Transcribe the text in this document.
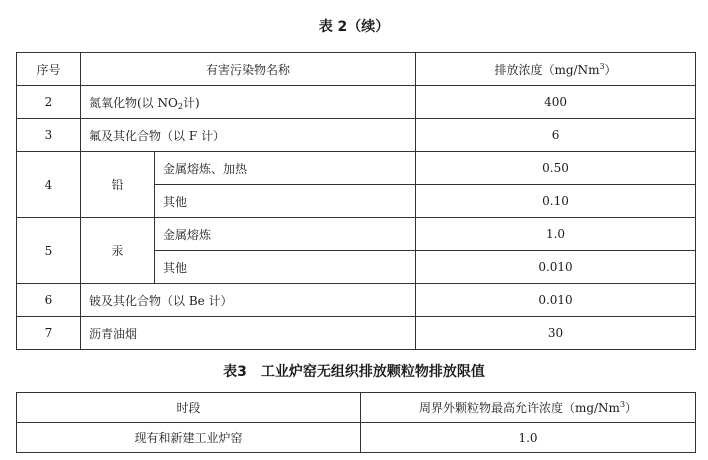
表 2（续）
序号	有害污染物名称		排放浓度（mg/Nm$^3$）
2	氮氧化物(以 $NO_2$计)		400
3	氟及其化合物（以 F 计）		6
4	铅	金属熔炼、加热	0.50
		其他	0.10
5	汞	金属熔炼	1.0
		其他	0.010
6	铍及其化合物（以 Be 计）		0.010
7	沥青油烟		30
表3　工业炉窑无组织排放颗粒物排放限值
时段	周界外颗粒物最高允许浓度（mg/Nm$^3$）
现有和新建工业炉窑	1.0
